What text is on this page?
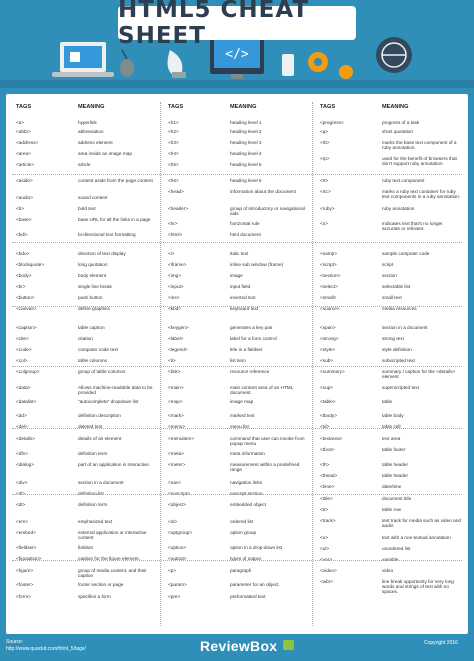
</>
HTML5 CHEAT SHEET
TAGS	MEANING
<a>	hyperlink
<abbr>	abbreviation
<address>	address element
<area>	area inside an image map
<article>	article
<aside>	content aside from the page content
<audio>	sound content
<b>	bold text
<base>	base URL for all the links in a page
<bdi>	bi-directional text formatting
<bdo>	direction of text display
<blockquote>	long quotation
<body>	body element
<br>	single line break
<button>	push button
<canvas>	define graphics
<caption>	table caption
<cite>	citation
<code>	computer code text
<col>	table columns
<colgroup>	group of table columns
<data>	Allows machine-readable data to be provided
<datalist>	"autocomplete" dropdown list
<dd>	definition description
<del>	deleted text
<details>	details of an element
<dfn>	definition term
<dialog>	part of an application is interactive.
<div>	section in a document
<dl>	definition list
<dt>	definition term
<em>	emphasized text
<embed>	external application or interactive content
<fieldset>	fieldset
<figcaption>	caption for the figure element.
<figure>	group of media content, and their caption
<footer>	footer section or page
<form>	specifies a form
TAGS	MEANING
<h1>	heading level 1
<h2>	heading level 2
<h3>	heading level 3
<h4>	heading level 4
<h5>	heading level 5
<h6>	heading level 6
<head>	information about the document
<header>	group of introductory or navigational aids
<hr>	horizontal rule
<html>	html document
<i>	italic text
<iframe>	inline sub window (frame)
<img>	image
<input>	input field
<ins>	inserted text
<kbd>	keyboard text
<keygen>	generates a key pair
<label>	label for a form control
<legend>	title in a fieldset
<li>	list item
<link>	resource reference
<main>	main content area of an HTML document.
<map>	image map
<mark>	marked text
<menu>	menu list
<menuitem>	command that user can invoke from popup menu
<meta>	meta information
<meter>	measurement within a predefined range
<nav>	navigation links
<noscript>	noscript section
<object>	embedded object
<ol>	ordered list
<optgroup>	option group
<option>	option in a drop-down list
<output>	types of output
<p>	paragraph
<param>	parameter for an object.
<pre>	preformatted text
TAGS	MEANING
<progress>	progress of a task
<q>	short quotation
<rb>	marks the base text component of a ruby annotation.
<rp>	used for the benefit of browsers that don't support ruby annotation
<rt>	ruby text component
<rtc>	marks a ruby text container for ruby text components in a ruby annotation.
<ruby>	ruby annotation
<s>	Indicates text that's no longer accurate or relevant.
<samp>	sample computer code
<script>	script
<section>	section
<select>	selectable list
<small>	small text
<source>	media resources
<span>	section in a document
<strong>	strong text
<style>	style definition
<sub>	subscripted text
<summary>	summary / caption for the <details> element
<sup>	superscripted text
<table>	table
<tbody>	table body
<td>	table cell
<textarea>	text area
<tfoot>	table footer
<th>	table header
<thead>	table header
<time>	date/time
<title>	document title
<tr>	table row
<track>	text track for media such as video and audio
<u>	text with a non-textual annotation
<ul>	unordered list
<var>	variable
<video>	video
<wbr>	line break opportunity for very long words and strings of text with no spaces.
Source:
http://www.quackit.com/html_5/tags/	ReviewBox	Copyright 2016
